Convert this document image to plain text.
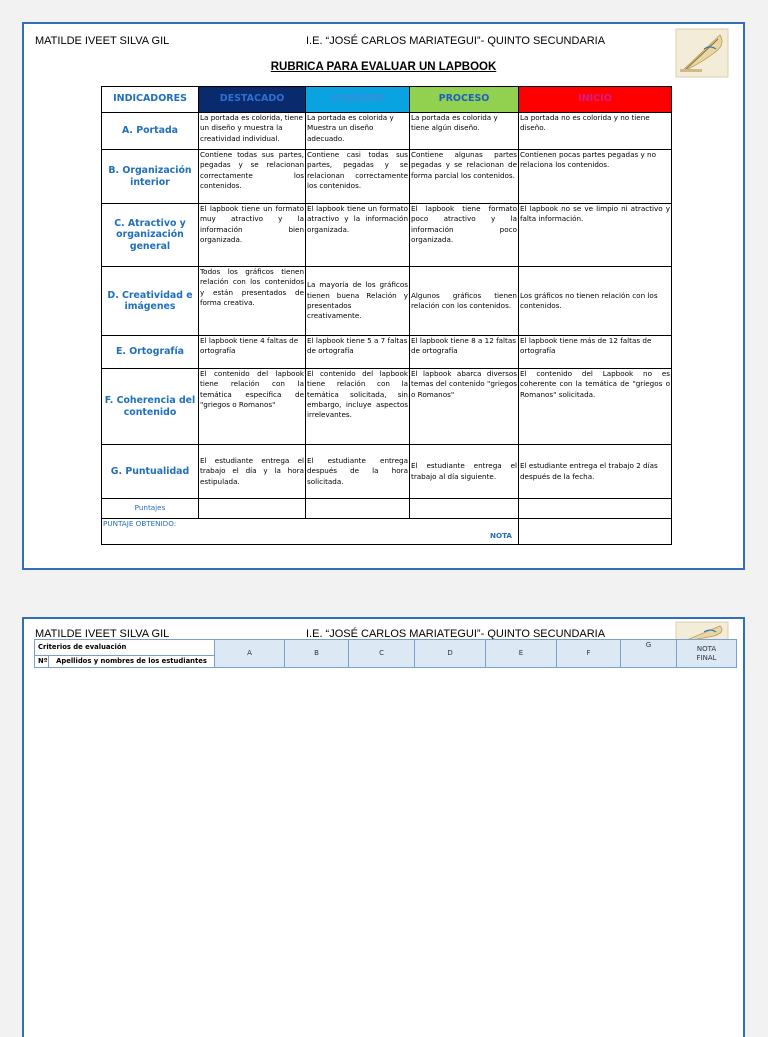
MATILDE IVEET SILVA GIL	I.E. “JOSÉ CARLOS MARIATEGUI”- QUINTO SECUNDARIA
RUBRICA PARA EVALUAR UN LAPBOOK
INDICADORES	DESTACADO	LOGRADO	PROCESO	INICIO
A. Portada	La portada es colorida, tiene un diseño y muestra la creatividad individual.	La portada es colorida y Muestra un diseño adecuado.	La portada es colorida y tiene algún diseño.	La portada no es colorida y no tiene diseño.
B. Organización interior	Contiene todas sus partes, pegadas y se relacionan correctamente los contenidos.	Contiene casi todas sus partes, pegadas y se relacionan correctamente los contenidos.	Contiene algunas partes pegadas y se relacionan de forma parcial los contenidos.	Contienen pocas partes pegadas y no relaciona los contenidos.
C. Atractivo y organización general	El lapbook tiene un formato muy atractivo y la información bien organizada.	El lapbook tiene un formato atractivo y la información organizada.	El lapbook tiene formato poco atractivo y la información poco organizada.	El lapbook no se ve limpio ni atractivo y falta información.
D. Creatividad e imágenes	Todos los gráficos tienen relación con los contenidos y están presentados de forma creativa.	La mayoría de los gráficos tienen buena Relación y presentados creativamente.	Algunos gráficos tienen relación con los contenidos.	Los gráficos no tienen relación con los contenidos.
E. Ortografía	El lapbook tiene 4 faltas de ortografía	El lapbook tiene 5 a 7 faltas de ortografía	El lapbook tiene 8 a 12 faltas de ortografía	El lapbook tiene más de 12 faltas de ortografía
F. Coherencia del contenido	El contenido del lapbook tiene relación con la temática especifica de "griegos o Romanos"	El contenido del lapbook tiene relación con la temática solicitada, sin embargo, incluye aspectos irrelevantes.	El lapbook abarca diversos temas del contenido "griegos o Romanos"	El contenido del Lapbook no es coherente con la temática de "griegos o Romanos" solicitada.
G. Puntualidad	El estudiante entrega el trabajo el día y la hora estipulada.	El estudiante entrega después de la hora solicitada.	El estudiante entrega el trabajo al día siguiente.	El estudiante entrega el trabajo 2 días después de la fecha.
Puntajes				
PUNTAJE OBTENIDO:
NOTA				

MATILDE IVEET SILVA GIL	I.E. “JOSÉ CARLOS MARIATEGUI”- QUINTO SECUNDARIA
Criterios de evaluación		A	B	C	D	E	F	G	NOTA
FINAL

Nº	Apellidos y nombres de los estudiantes								
